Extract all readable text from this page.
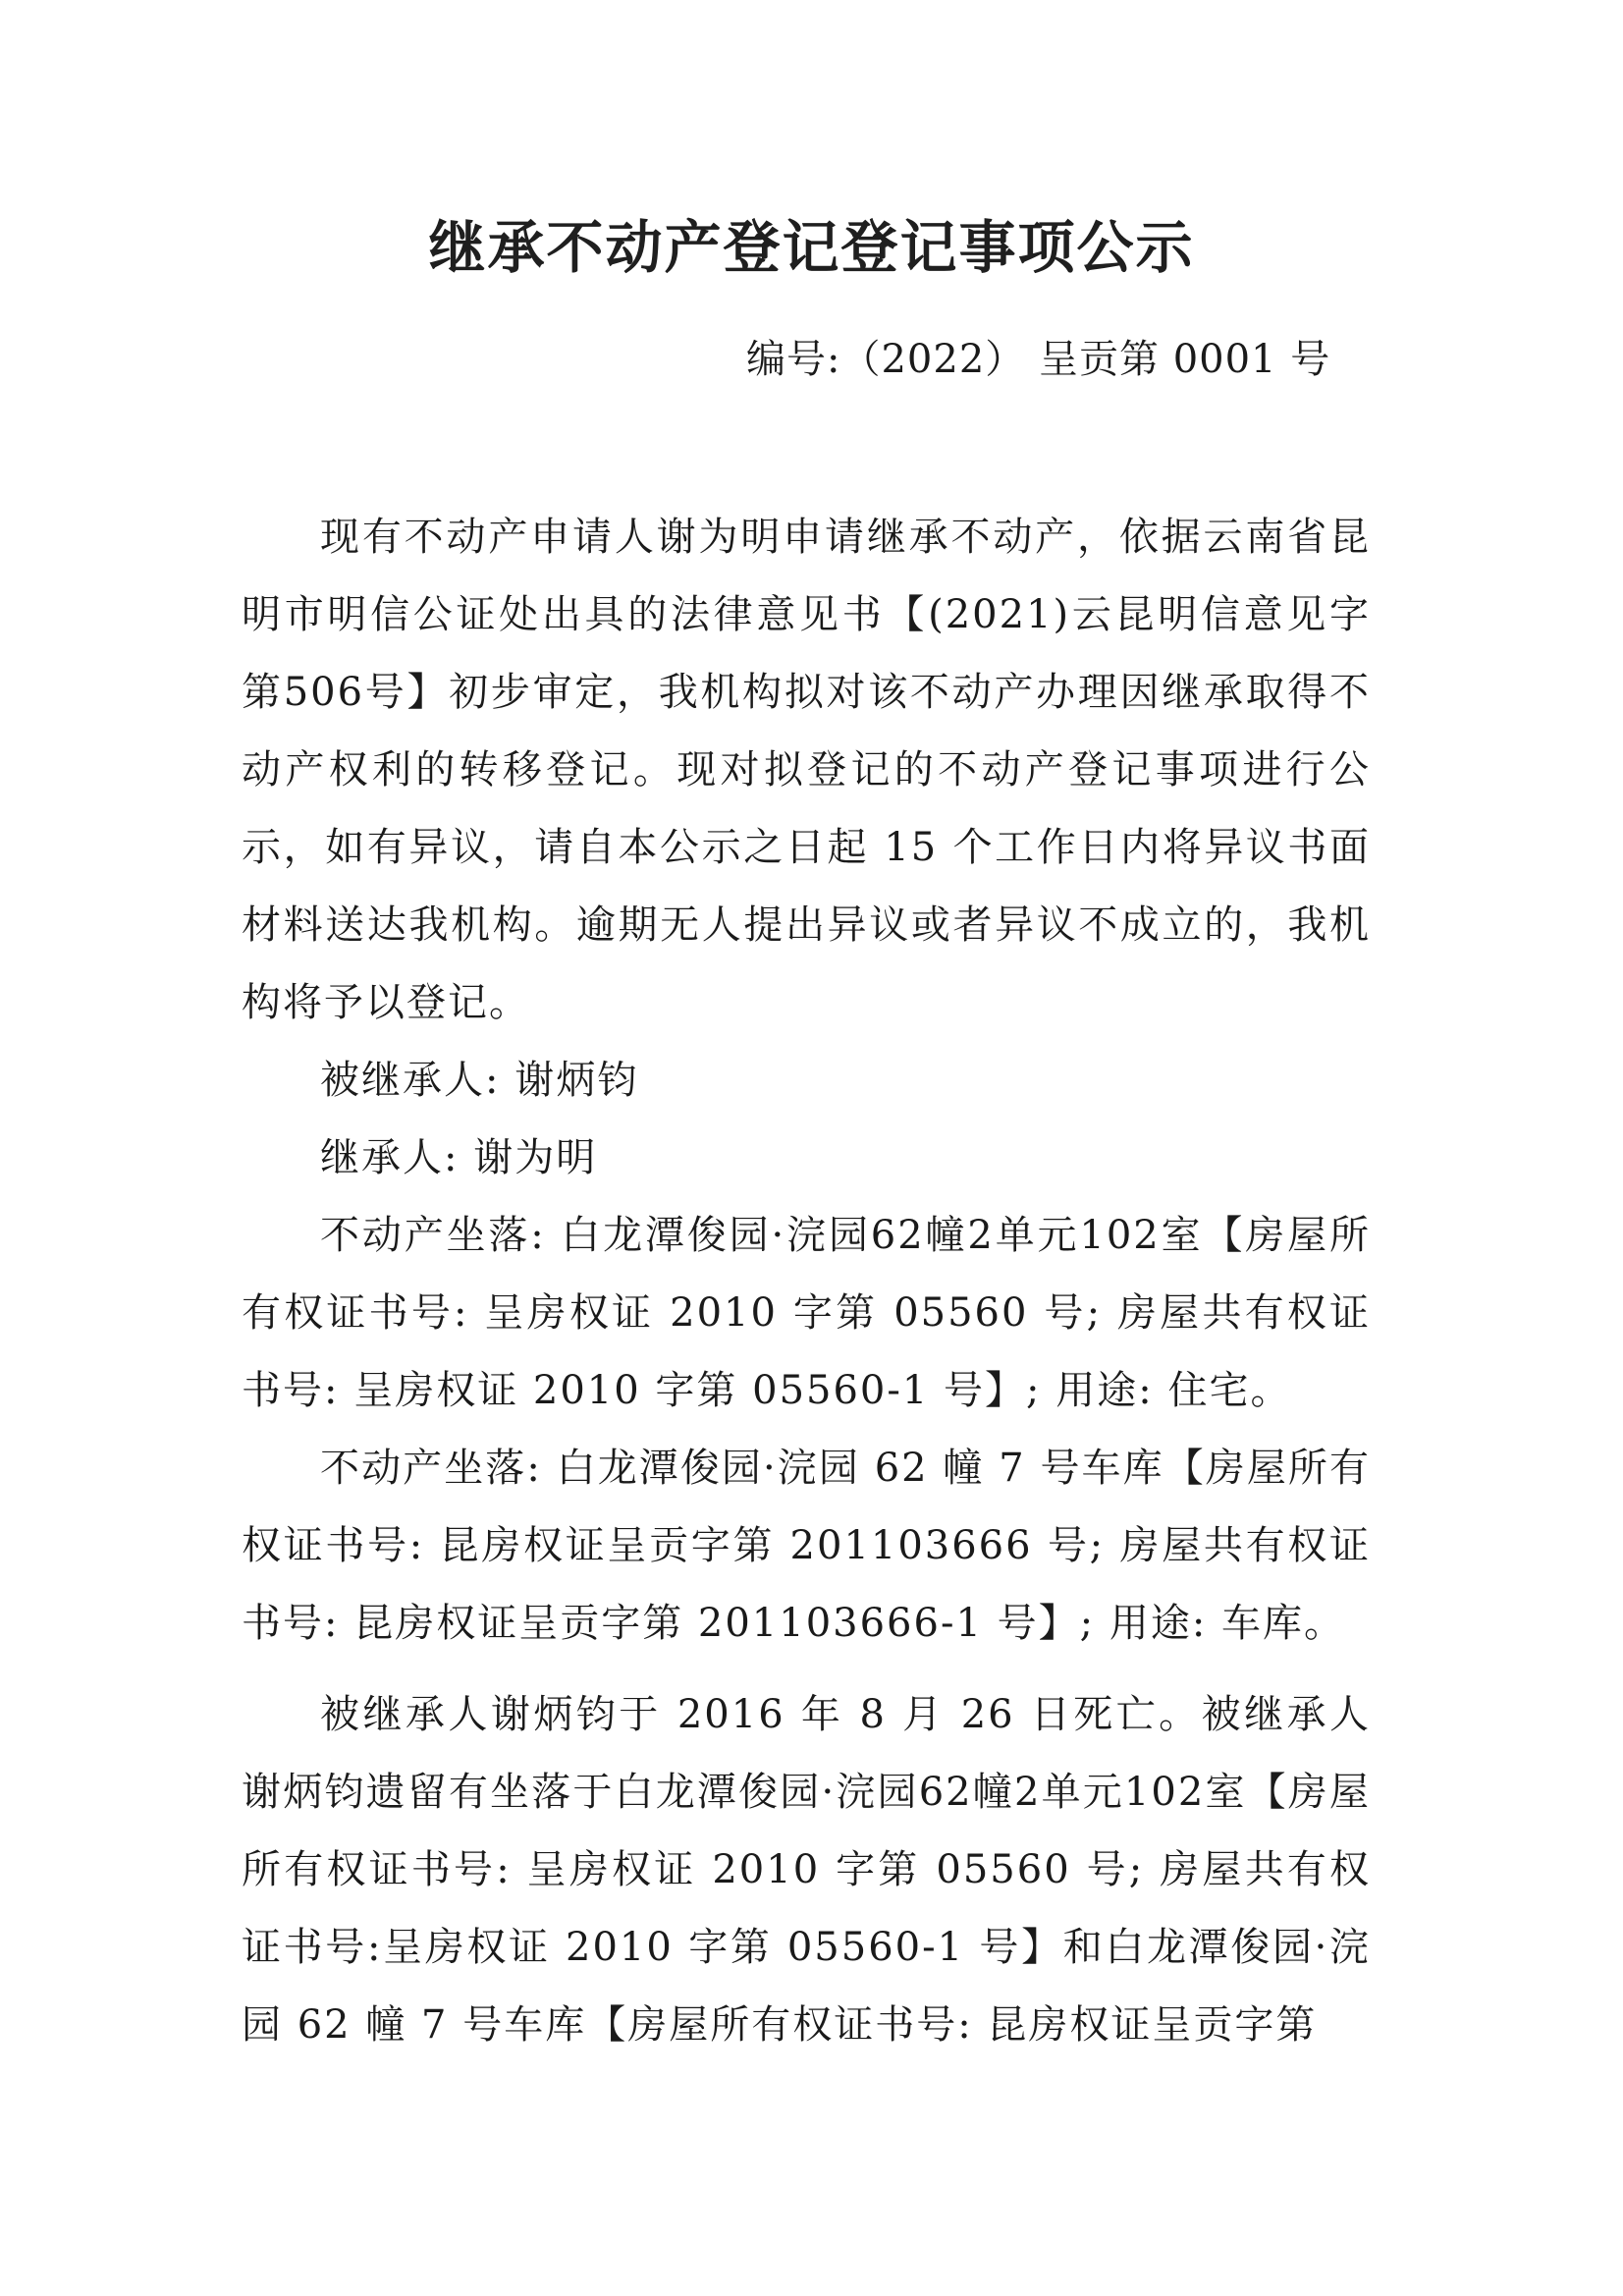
继承不动产登记登记事项公示
编号:（2022） 呈贡第 0001 号

现有不动产申请人谢为明申请继承不动产，依据云南省昆明市明信公证处出具的法律意见书【(2021)云昆明信意见字第506号】初步审定，我机构拟对该不动产办理因继承取得不动产权利的转移登记。现对拟登记的不动产登记事项进行公示，如有异议，请自本公示之日起 15 个工作日内将异议书面材料送达我机构。逾期无人提出异议或者异议不成立的，我机构将予以登记。

被继承人: 谢炳钧

继承人: 谢为明

不动产坐落: 白龙潭俊园·浣园62幢2单元102室【房屋所有权证书号: 呈房权证 2010 字第 05560 号; 房屋共有权证书号: 呈房权证 2010 字第 05560-1 号】; 用途: 住宅。

不动产坐落: 白龙潭俊园·浣园 62 幢 7 号车库【房屋所有权证书号: 昆房权证呈贡字第 201103666 号; 房屋共有权证书号: 昆房权证呈贡字第 201103666-1 号】; 用途: 车库。

被继承人谢炳钧于 2016 年 8 月 26 日死亡。被继承人谢炳钧遗留有坐落于白龙潭俊园·浣园62幢2单元102室【房屋所有权证书号: 呈房权证 2010 字第 05560 号; 房屋共有权证书号:呈房权证 2010 字第 05560-1 号】和白龙潭俊园·浣园 62 幢 7 号车库【房屋所有权证书号: 昆房权证呈贡字第
